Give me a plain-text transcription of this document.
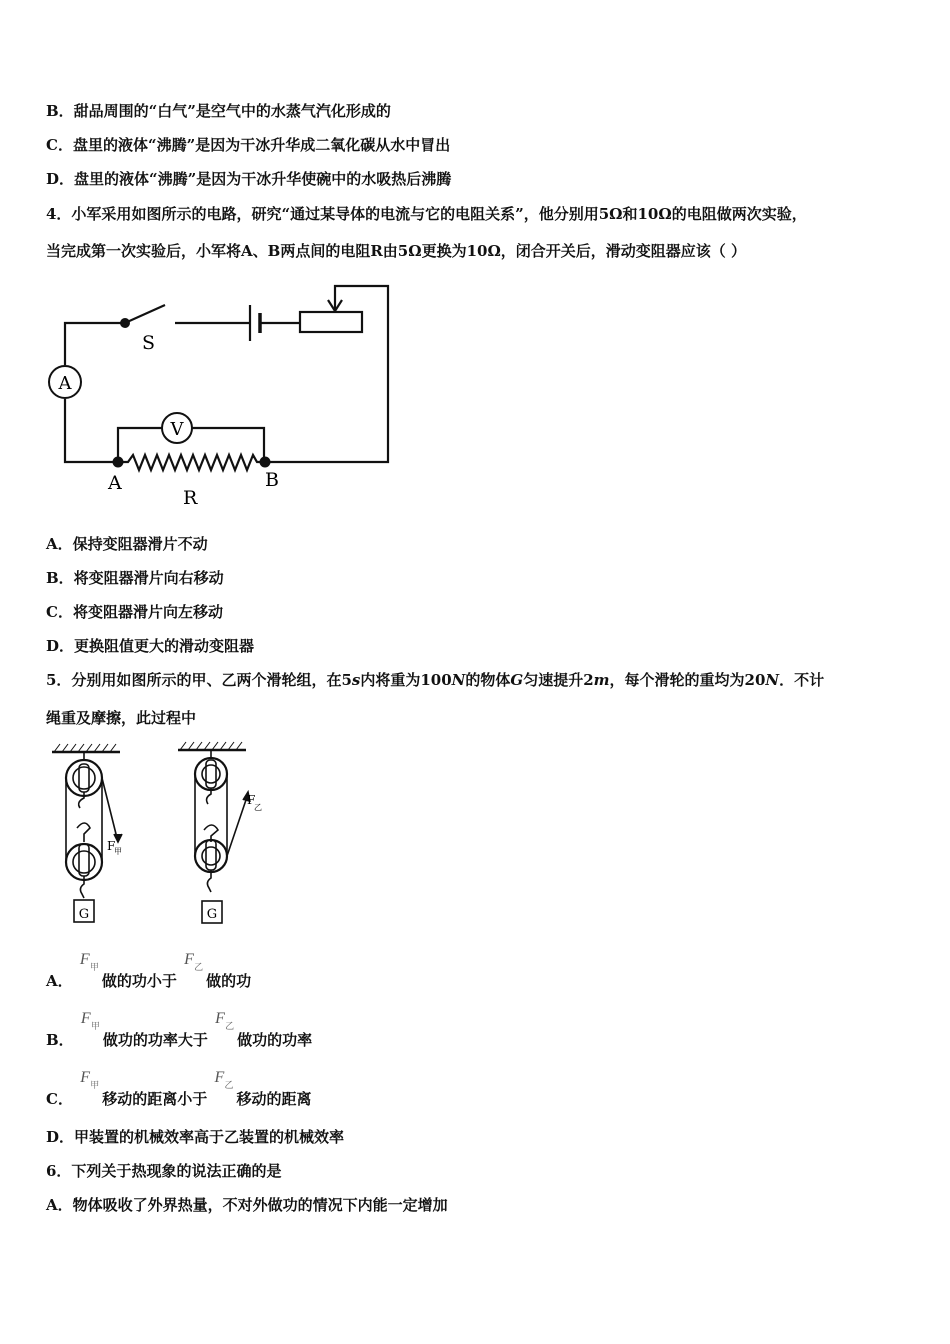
B．甜品周围的“白气”是空气中的水蒸气汽化形成的
C．盘里的液体“沸腾”是因为干冰升华成二氧化碳从水中冒出
D．盘里的液体“沸腾”是因为干冰升华使碗中的水吸热后沸腾
4．小军采用如图所示的电路，研究“通过某导体的电流与它的电阻关系”，他分别用5Ω和10Ω的电阻做两次实验，
当完成第一次实验后，小军将A、B两点间的电阻R由5Ω更换为10Ω，闭合开关后，滑动变阻器应该（ ）
A
V
A	B
R
S
A．保持变阻器滑片不动
B．将变阻器滑片向右移动
C．将变阻器滑片向左移动
D．更换阻值更大的滑动变阻器
5．分别用如图所示的甲、乙两个滑轮组，在5s内将重为100N的物体G匀速提升2m，每个滑轮的重均为20N．不计
绳重及摩擦，此过程中
G	G
F
甲
F
乙
A．
F 甲
做的功小于
F 乙
做的功
B．
F 甲
做功的功率大于
F 乙
做功的功率
C．
F 甲
移动的距离小于
F 乙
移动的距离
D．甲装置的机械效率高于乙装置的机械效率
6．下列关于热现象的说法正确的是
A．物体吸收了外界热量，不对外做功的情况下内能一定增加
